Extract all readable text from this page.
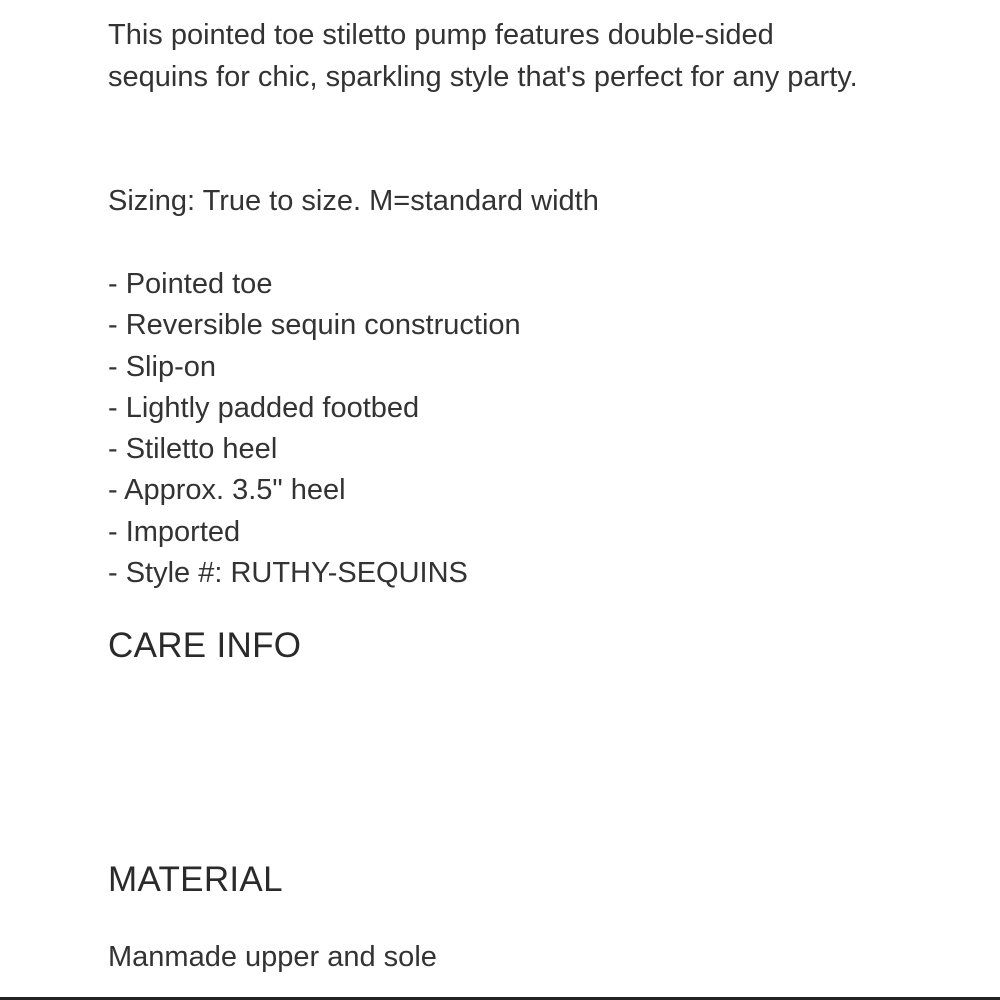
This pointed toe stiletto pump features double-sided sequins for chic, sparkling style that's perfect for any party.

Sizing: True to size. M=standard width

- Pointed toe
- Reversible sequin construction
- Slip-on
- Lightly padded footbed
- Stiletto heel
- Approx. 3.5" heel
- Imported
- Style #: RUTHY-SEQUINS
CARE INFO
MATERIAL

Manmade upper and sole
